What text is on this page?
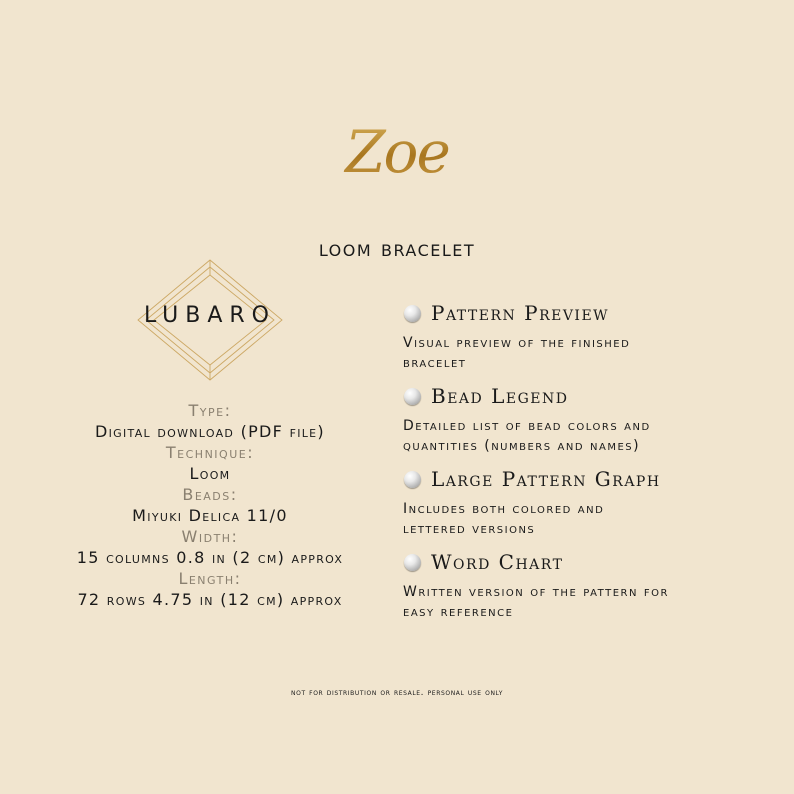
Zoe
loom bracelet
LUBARO
Type:
Digital download (PDF file)
Technique:
Loom
Beads:
Miyuki Delica 11/0
Width:
15 columns 0.8 in (2 cm) approx
Length:
72 rows 4.75 in (12 cm) approx
Pattern Preview
Visual preview of the finished
bracelet
Bead Legend
Detailed list of bead colors and
quantities (numbers and names)
Large Pattern Graph
Includes both colored and
lettered versions
Word Chart
Written version of the pattern for
easy reference
not for distribution or resale. personal use only
